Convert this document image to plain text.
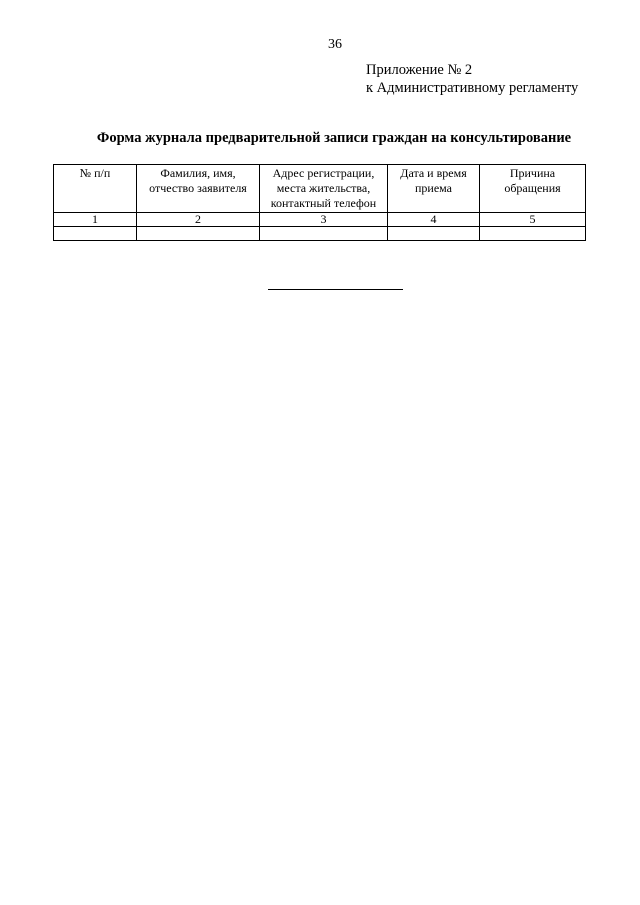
36
Приложение № 2
к Административному регламенту
Форма журнала предварительной записи граждан на консультирование
№ п/п	Фамилия, имя, отчество заявителя	Адрес регистрации, места жительства, контактный телефон	Дата и время приема	Причина обращения
1	2	3	4	5
